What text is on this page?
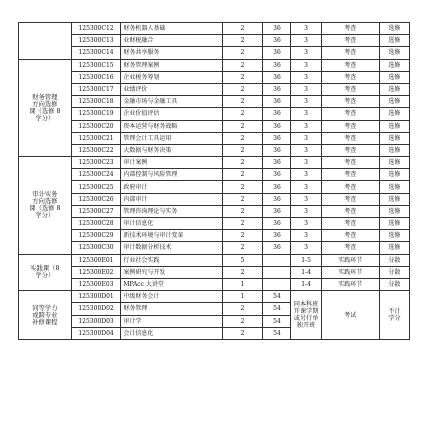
	125300C12	财务机器人基础	2	36	3	考查	选修
	125300C13	业财税融合	2	36	3	考查	选修
	125300C14	财务共享服务	2	36	3	考查	选修
财务管理
方向选修
课（选修 8
学分）	125300C15	财务管理案例	2	36	3	考查	选修
	125300C16	企业税务筹划	2	36	3	考查	选修
	125300C17	业绩评价	2	36	3	考查	选修
	125300C18	金融市场与金融工具	2	36	3	考查	选修
	125300C19	企业价值评估	2	36	3	考查	选修
	125300C20	资本运营与财务战略	2	36	3	考查	选修
	125300C21	管理会计工具运用	2	36	3	考查	选修
	125300C22	大数据与财务决策	2	36	3	考查	选修
审计实务
方向选修
课（选修 8
学分）	125300C23	审计案例	2	36	3	考查	选修
	125300C24	内部控制与风险管理	2	36	3	考查	选修
	125300C25	政府审计	2	36	3	考查	选修
	125300C26	内部审计	2	36	3	考查	选修
	125300C27	管理咨询理论与实务	2	36	3	考查	选修
	125300C28	审计信息化	2	36	3	考查	选修
	125300C29	新技术环境与审计变革	2	36	3	考查	选修
	125300C30	审计数据分析技术	2	36	3	考查	选修
实践课（8
学分）	125300E01	行业社会实践	5		1-5	实践环节	分散
	125300E02	案例研究与开发	2		1-4	实践环节	分散
	125300E03	MPAcc 大讲堂	1		1-4	实践环节	分散
同等学力
或跨专业
补修课程	125300D01	中级财务会计	1	54	同本科班
开课学期
或另行单
独开班	考试	不计
学分
	125300D02	财务管理	2	54			
	125300D03	审计学	2	54			
	125300D04	会计信息化	2	54			
